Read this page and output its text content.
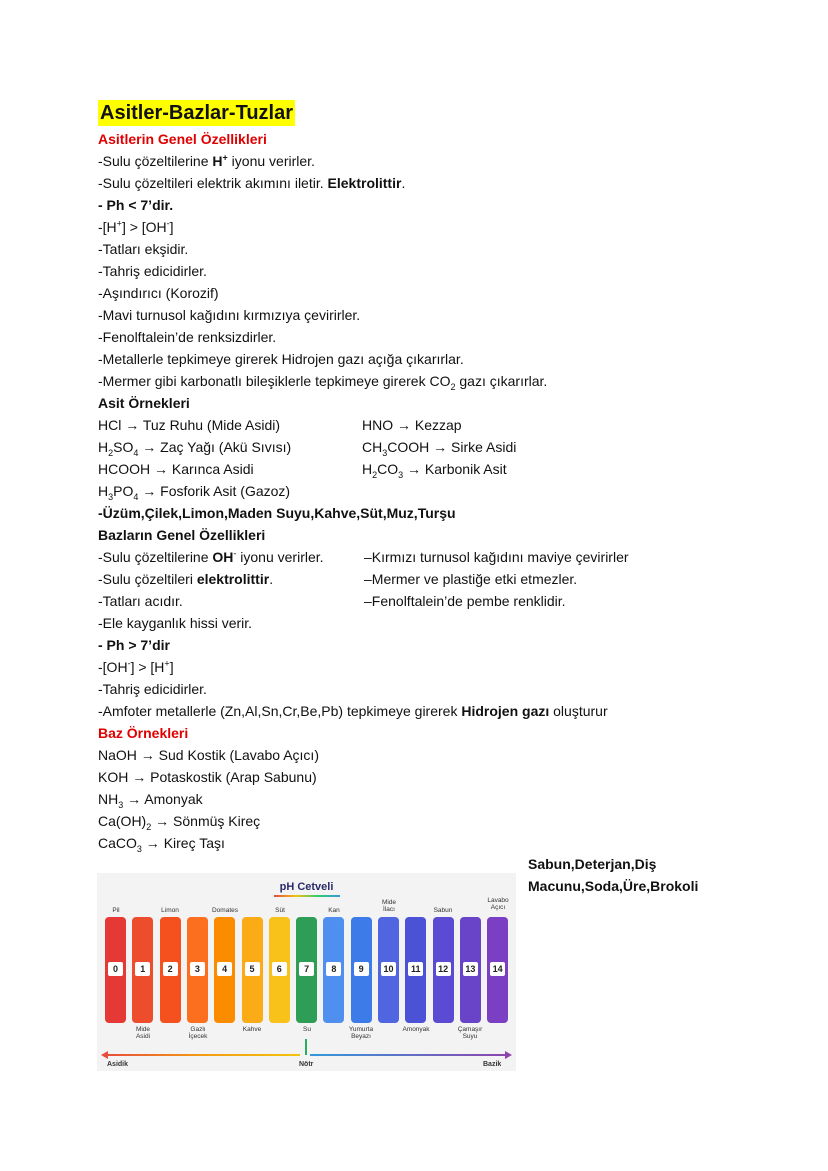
Asitler-Bazlar-Tuzlar
Asitlerin Genel Özellikleri
-Sulu çözeltilerine H+ iyonu verirler.
-Sulu çözeltileri elektrik akımını iletir. Elektrolittir.
- Ph < 7’dir.
-[H+] > [OH-]
-Tatları ekşidir.
-Tahriş edicidirler.
-Aşındırıcı (Korozif)
-Mavi turnusol kağıdını kırmızıya çevirirler.
-Fenolftalein’de renksizdirler.
-Metallerle tepkimeye girerek Hidrojen gazı açığa çıkarırlar.
-Mermer gibi karbonatlı bileşiklerle tepkimeye girerek $CO_2$ gazı çıkarırlar.
Asit Örnekleri
HCl → Tuz Ruhu (Mide Asidi)	HNO → Kezzap
$H_2SO_4$ → Zaç Yağı (Akü Sıvısı)	$CH_3COOH$ → Sirke Asidi
HCOOH → Karınca Asidi	$H_2CO_3$ → Karbonik Asit
$H_3PO_4$ → Fosforik Asit (Gazoz)
-Üzüm,Çilek,Limon,Maden Suyu,Kahve,Süt,Muz,Turşu
Bazların Genel Özellikleri
-Sulu çözeltilerine OH- iyonu verirler.	–Kırmızı turnusol kağıdını maviye çevirirler
-Sulu çözeltileri elektrolittir.	–Mermer ve plastiğe etki etmezler.
-Tatları acıdır.	–Fenolftalein’de pembe renklidir.
-Ele kayganlık hissi verir.
- Ph > 7’dir
-[OH-] > [H+]
-Tahriş edicidirler.
-Amfoter metallerle (Zn,Al,Sn,Cr,Be,Pb) tepkimeye girerek Hidrojen gazı oluşturur
Baz Örnekleri
NaOH → Sud Kostik (Lavabo Açıcı)
KOH → Potaskostik (Arap Sabunu)
$NH_3$ → Amonyak
$Ca(OH)_2$ → Sönmüş Kireç
CaCO$_3$ → Kireç Taşı
Sabun,Deterjan,Diş
Macunu,Soda,Üre,Brokoli
pH Cetveli
Pil	Limon	Domates	Süt	Kan
Mide
İlacı	Sabun
Lavabo
Açıcı
0	1	2	3	4	5	6	7	8	9	10	11	12 13 14
Mide
Asidi
Gazlı
İçecek
Kahve	Su	Yumurta
Beyazı
Amonyak	Çamaşır
Suyu
Asidik	Nötr	Bazik
